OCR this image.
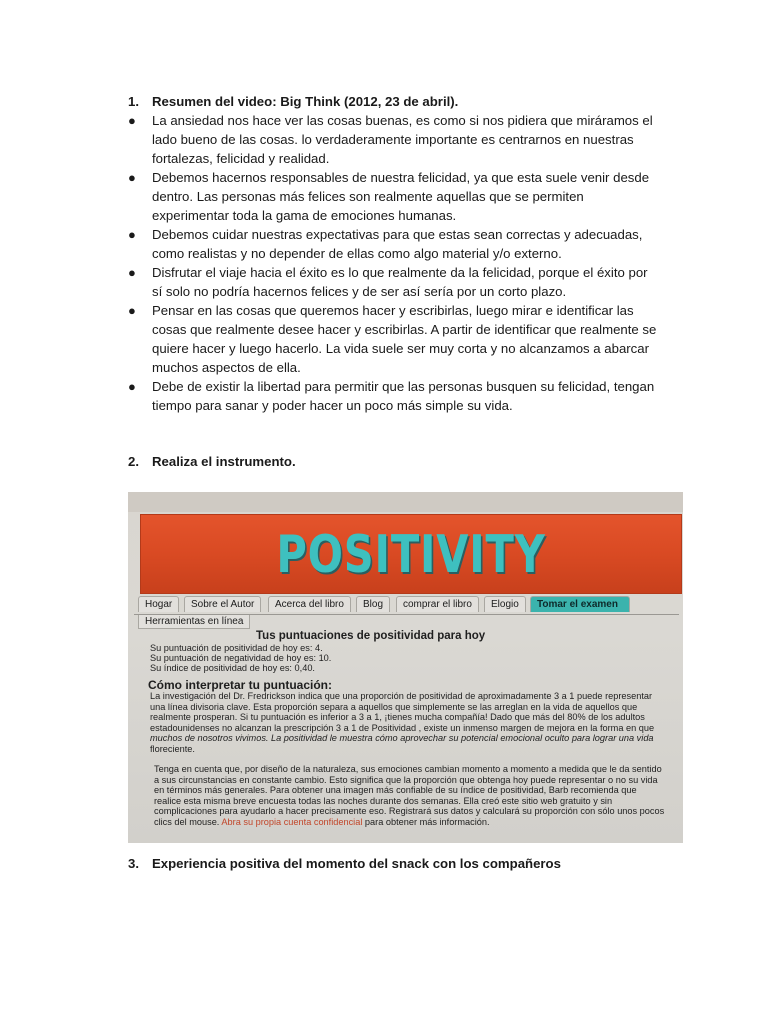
1. Resumen del video: Big Think (2012, 23 de abril).
● La ansiedad nos hace ver las cosas buenas, es como si nos pidiera que miráramos el lado bueno de las cosas. lo verdaderamente importante es centrarnos en nuestras fortalezas, felicidad y realidad.
● Debemos hacernos responsables de nuestra felicidad, ya que esta suele venir desde dentro. Las personas más felices son realmente aquellas que se permiten experimentar toda la gama de emociones humanas.
● Debemos cuidar nuestras expectativas para que estas sean correctas y adecuadas, como realistas y no depender de ellas como algo material y/o externo.
● Disfrutar el viaje hacia el éxito es lo que realmente da la felicidad, porque el éxito por sí solo no podría hacernos felices y de ser así sería por un corto plazo.
● Pensar en las cosas que queremos hacer y escribirlas, luego mirar e identificar las cosas que realmente desee hacer y escribirlas. A partir de identificar que realmente se quiere hacer y luego hacerlo. La vida suele ser muy corta y no alcanzamos a abarcar muchos aspectos de ella.
● Debe de existir la libertad para permitir que las personas busquen su felicidad, tengan tiempo para sanar y poder hacer un poco más simple su vida.
2. Realiza el instrumento.
POSITIVITY
Hogar	Sobre el Autor	Acerca del libro	Blog	comprar el libro	Elogio	Tomar el examen
Herramientas en línea
Tus puntuaciones de positividad para hoy
Su puntuación de positividad de hoy es: 4.
Su puntuación de negatividad de hoy es: 10.
Su índice de positividad de hoy es: 0,40.
Cómo interpretar tu puntuación:
La investigación del Dr. Fredrickson indica que una proporción de positividad de aproximadamente 3 a 1 puede representar
una línea divisoria clave. Esta proporción separa a aquellos que simplemente se las arreglan en la vida de aquellos que
realmente prosperan. Si tu puntuación es inferior a 3 a 1, ¡tienes mucha compañía! Dado que más del 80% de los adultos
estadounidenses no alcanzan la prescripción 3 a 1 de Positividad , existe un inmenso margen de mejora en la forma en que
muchos de nosotros vivimos. La positividad le muestra cómo aprovechar su potencial emocional oculto para lograr una vida
floreciente.
Tenga en cuenta que, por diseño de la naturaleza, sus emociones cambian momento a momento a medida que le da sentido
a sus circunstancias en constante cambio. Esto significa que la proporción que obtenga hoy puede representar o no su vida
en términos más generales. Para obtener una imagen más confiable de su índice de positividad, Barb recomienda que
realice esta misma breve encuesta todas las noches durante dos semanas. Ella creó este sitio web gratuito y sin
complicaciones para ayudarlo a hacer precisamente eso. Registrará sus datos y calculará su proporción con sólo unos pocos
clics del mouse. Abra su propia cuenta confidencial para obtener más información.
3. Experiencia positiva del momento del snack con los compañeros
